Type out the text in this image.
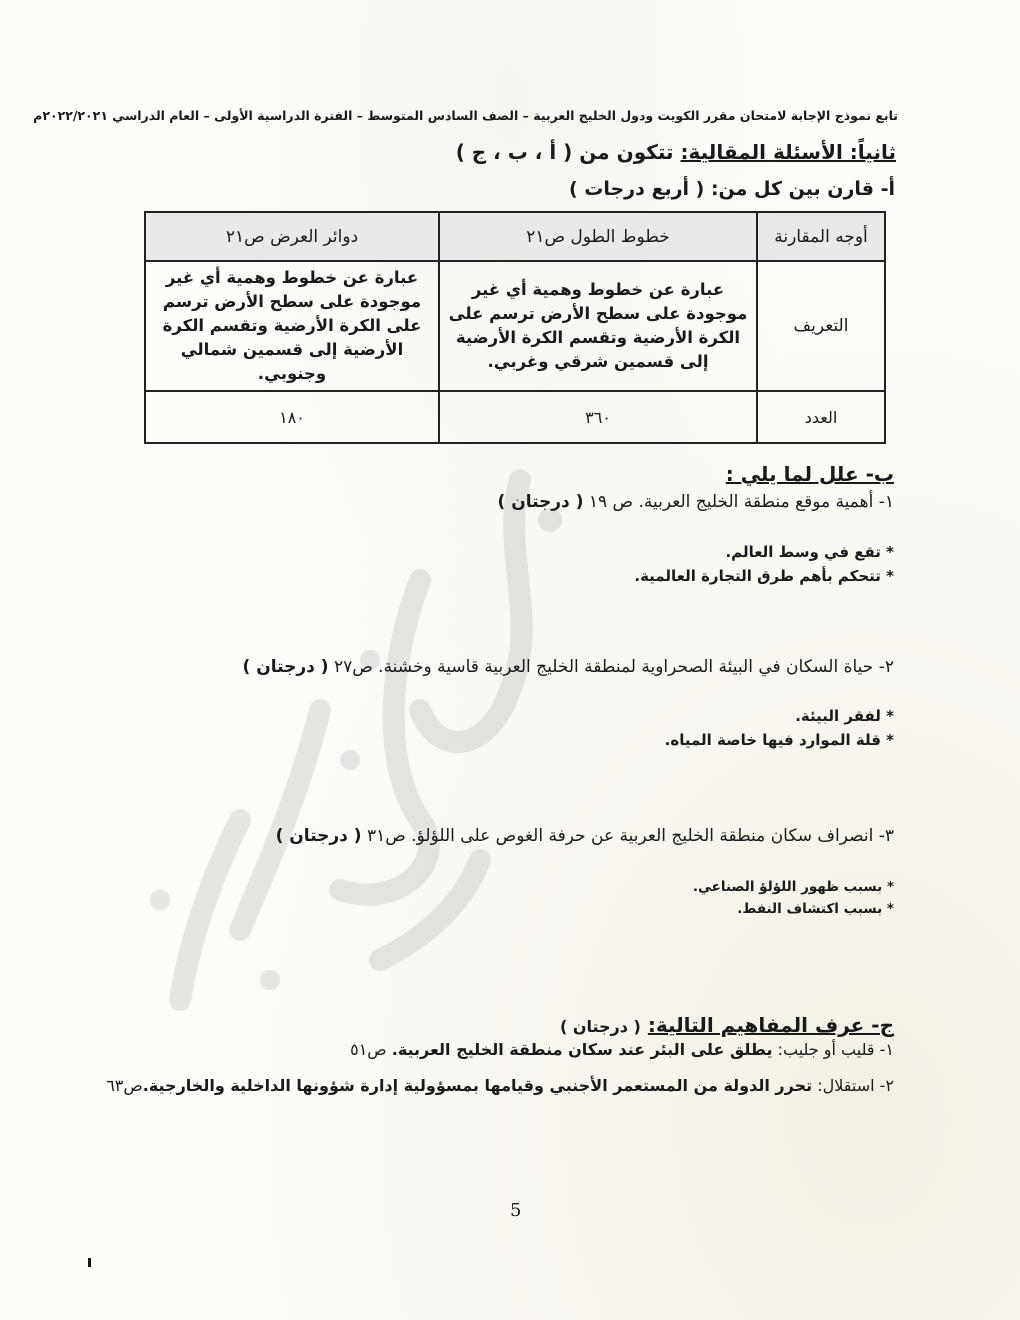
تابع نموذج الإجابة لامتحان مقرر الكويت ودول الخليج العربية – الصف السادس المتوسط – الفترة الدراسية الأولى – العام الدراسي ٢٠٢٢/٢٠٢١م
ثانياً: الأسئلة المقالية: تتكون من ( أ ، ب ، ج )
أ- قارن بين كل من: ( أربع درجات )
أوجه المقارنة	خطوط الطول ص٢١	دوائر العرض ص٢١
التعريف	عبارة عن خطوط وهمية أي غير موجودة على سطح الأرض ترسم على الكرة الأرضية وتقسم الكرة الأرضية إلى قسمين شرقي وغربي.	عبارة عن خطوط وهمية أي غير موجودة على سطح الأرض ترسم على الكرة الأرضية وتقسم الكرة الأرضية إلى قسمين شمالي وجنوبي.

العدد	٣٦٠	١٨٠
ب- علل لما يلي :
١- أهمية موقع منطقة الخليج العربية. ص ١٩ ( درجتان )
* تقع في وسط العالم.
* تتحكم بأهم طرق التجارة العالمية.
٢- حياة السكان في البيئة الصحراوية لمنطقة الخليج العربية قاسية وخشنة. ص٢٧ ( درجتان )
* لفقر البيئة.
* قلة الموارد فيها خاصة المياه.
٣- انصراف سكان منطقة الخليج العربية عن حرفة الغوص على اللؤلؤ. ص٣١ ( درجتان )
* بسبب ظهور اللؤلؤ الصناعي.
* بسبب اكتشاف النفط.
ج- عرف المفاهيم التالية: ( درجتان )
١- قليب أو جليب: يطلق على البئر عند سكان منطقة الخليج العربية. ص٥١
٢- استقلال: تحرر الدولة من المستعمر الأجنبي وقيامها بمسؤولية إدارة شؤونها الداخلية والخارجية.ص٦٣
5
